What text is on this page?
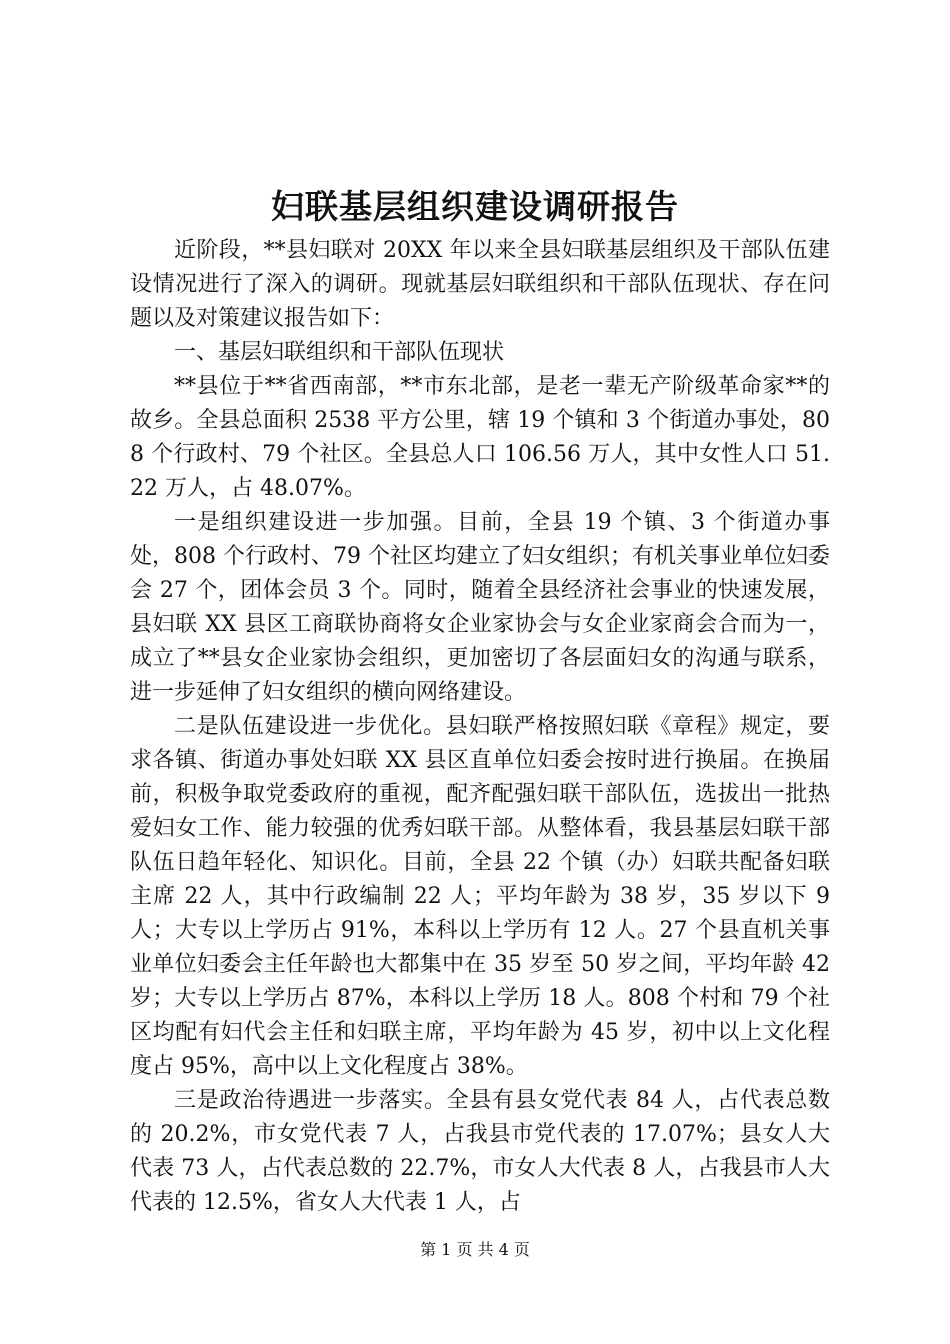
妇联基层组织建设调研报告

近阶段，**县妇联对 20XX 年以来全县妇联基层组织及干部队伍建设情况进行了深入的调研。现就基层妇联组织和干部队伍现状、存在问题以及对策建议报告如下：

一、基层妇联组织和干部队伍现状

**县位于**省西南部，**市东北部，是老一辈无产阶级革命家**的故乡。全县总面积 2538 平方公里，辖 19 个镇和 3 个街道办事处，808 个行政村、79 个社区。全县总人口 106.56 万人，其中女性人口 51.22 万人，占 48.07%。

一是组织建设进一步加强。目前，全县 19 个镇、3 个街道办事处，808 个行政村、79 个社区均建立了妇女组织；有机关事业单位妇委会 27 个，团体会员 3 个。同时，随着全县经济社会事业的快速发展，县妇联 XX 县区工商联协商将女企业家协会与女企业家商会合而为一，成立了**县女企业家协会组织，更加密切了各层面妇女的沟通与联系，进一步延伸了妇女组织的横向网络建设。

二是队伍建设进一步优化。县妇联严格按照妇联《章程》规定，要求各镇、街道办事处妇联 XX 县区直单位妇委会按时进行换届。在换届前，积极争取党委政府的重视，配齐配强妇联干部队伍，选拔出一批热爱妇女工作、能力较强的优秀妇联干部。从整体看，我县基层妇联干部队伍日趋年轻化、知识化。目前，全县 22 个镇（办）妇联共配备妇联主席 22 人，其中行政编制 22 人；平均年龄为 38 岁，35 岁以下 9 人；大专以上学历占 91%，本科以上学历有 12 人。27 个县直机关事业单位妇委会主任年龄也大都集中在 35 岁至 50 岁之间，平均年龄 42 岁；大专以上学历占 87%，本科以上学历 18 人。808 个村和 79 个社区均配有妇代会主任和妇联主席，平均年龄为 45 岁，初中以上文化程度占 95%，高中以上文化程度占 38%。

三是政治待遇进一步落实。全县有县女党代表 84 人，占代表总数的 20.2%，市女党代表 7 人，占我县市党代表的 17.07%；县女人大代表 73 人，占代表总数的 22.7%，市女人大代表 8 人，占我县市人大代表的 12.5%，省女人大代表 1 人，占

第 1 页 共 4 页
